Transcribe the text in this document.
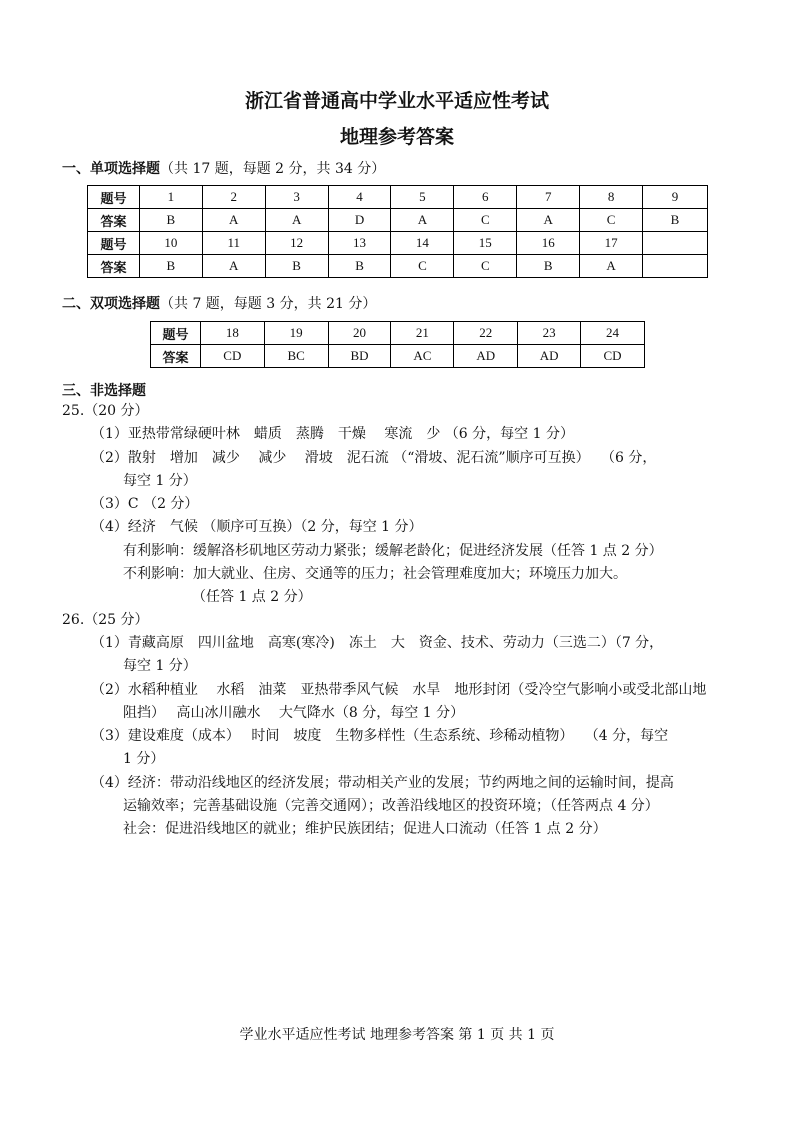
浙江省普通高中学业水平适应性考试
地理参考答案
一、单项选择题（共 17 题，每题 2 分，共 34 分）
题号	1	2	3	4	5	6	7	8	9
答案	B	A	A	D	A	C	A	C	B
题号	10	11	12	13	14	15	16	17	
答案	B	A	B	B	C	C	B	A	
二、双项选择题（共 7 题，每题 3 分，共 21 分）
题号	18	19	20	21	22	23	24
答案	CD	BC	BD	AC	AD	AD	CD
三、非选择题
25.（20 分）
（1）亚热带常绿硬叶林　蜡质　蒸腾　干燥　 寒流　少 （6 分，每空 1 分）
（2）散射　增加　减少　 减少　 滑坡　泥石流 （“滑坡、泥石流”顺序可互换）　 （6 分，
每空 1 分）
（3）C （2 分）
（4）经济　气候 （顺序可互换）（2 分，每空 1 分）
有利影响：缓解洛杉矶地区劳动力紧张；缓解老龄化；促进经济发展（任答 1 点 2 分）
不利影响：加大就业、住房、交通等的压力；社会管理难度加大；环境压力加大。
（任答 1 点 2 分）
26.（25 分）
（1）青藏高原　四川盆地　高寒(寒冷)　冻土　大　资金、技术、劳动力（三选二）（7 分，
每空 1 分）
（2）水稻种植业　 水稻　油菜　亚热带季风气候　水旱　地形封闭（受冷空气影响小或受北部山地
阻挡）　 高山冰川融水　 大气降水（8 分，每空 1 分）
（3）建设难度（成本）　 时间　坡度　生物多样性（生态系统、珍稀动植物）　 （4 分，每空
1 分）
（4）经济：带动沿线地区的经济发展；带动相关产业的发展；节约两地之间的运输时间，提高
运输效率；完善基础设施（完善交通网）；改善沿线地区的投资环境；（任答两点 4 分）
社会：促进沿线地区的就业；维护民族团结；促进人口流动（任答 1 点 2 分）
学业水平适应性考试 地理参考答案 第 1 页 共 1 页
